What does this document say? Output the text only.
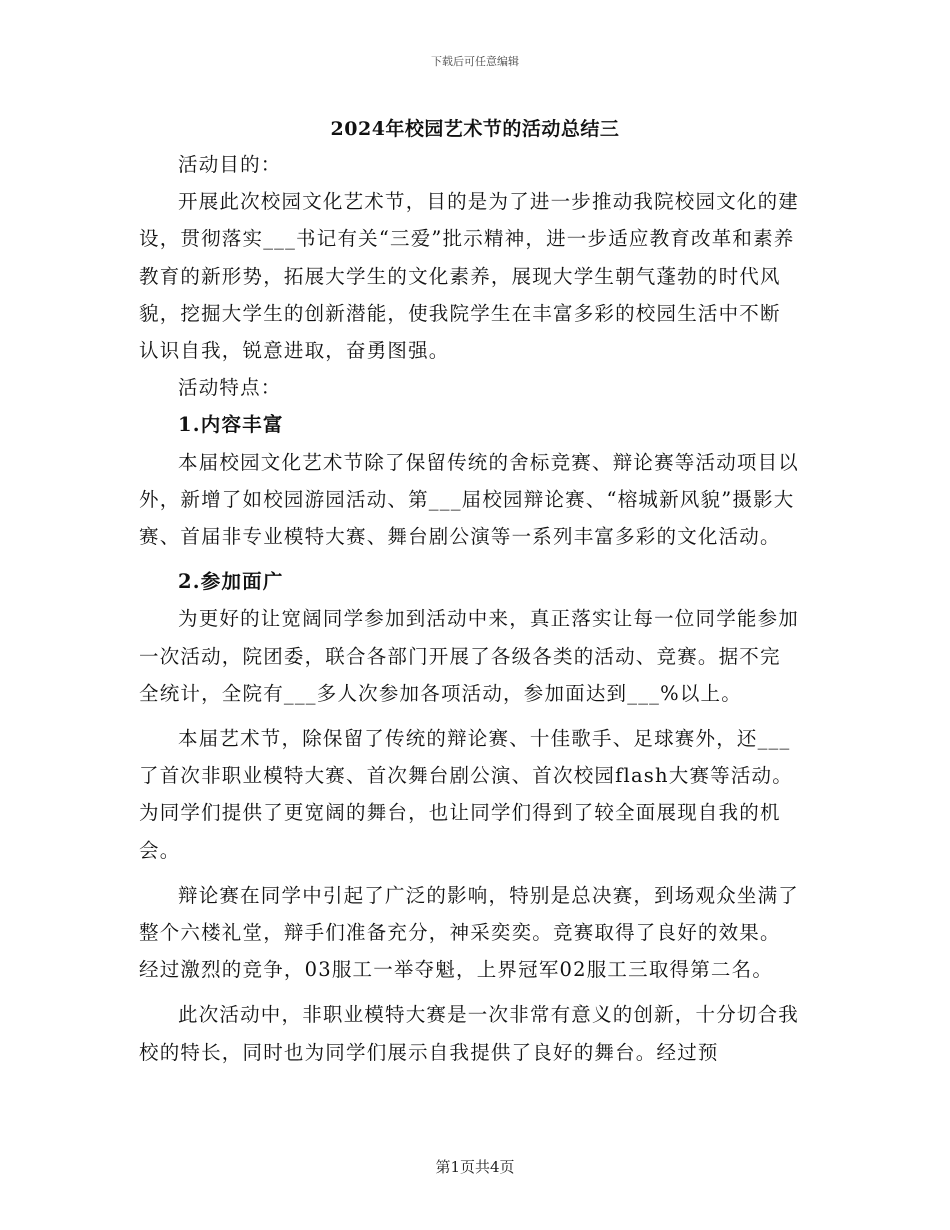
下载后可任意编辑
2024年校园艺术节的活动总结三

活动目的：

开展此次校园文化艺术节，目的是为了进一步推动我院校园文化的建设，贯彻落实___书记有关“三爱”批示精神，进一步适应教育改革和素养教育的新形势，拓展大学生的文化素养，展现大学生朝气蓬勃的时代风貌，挖掘大学生的创新潜能，使我院学生在丰富多彩的校园生活中不断认识自我，锐意进取，奋勇图强。

活动特点：

1.内容丰富

本届校园文化艺术节除了保留传统的舍标竞赛、辩论赛等活动项目以外，新增了如校园游园活动、第___届校园辩论赛、“榕城新风貌”摄影大赛、首届非专业模特大赛、舞台剧公演等一系列丰富多彩的文化活动。

2.参加面广

为更好的让宽阔同学参加到活动中来，真正落实让每一位同学能参加一次活动，院团委，联合各部门开展了各级各类的活动、竞赛。据不完全统计，全院有___多人次参加各项活动，参加面达到___%以上。

本届艺术节，除保留了传统的辩论赛、十佳歌手、足球赛外，还___了首次非职业模特大赛、首次舞台剧公演、首次校园flash大赛等活动。为同学们提供了更宽阔的舞台，也让同学们得到了较全面展现自我的机会。

辩论赛在同学中引起了广泛的影响，特别是总决赛，到场观众坐满了整个六楼礼堂，辩手们准备充分，神采奕奕。竞赛取得了良好的效果。经过激烈的竞争，03服工一举夺魁，上界冠军02服工三取得第二名。

此次活动中，非职业模特大赛是一次非常有意义的创新，十分切合我校的特长，同时也为同学们展示自我提供了良好的舞台。经过预

第1页共4页
